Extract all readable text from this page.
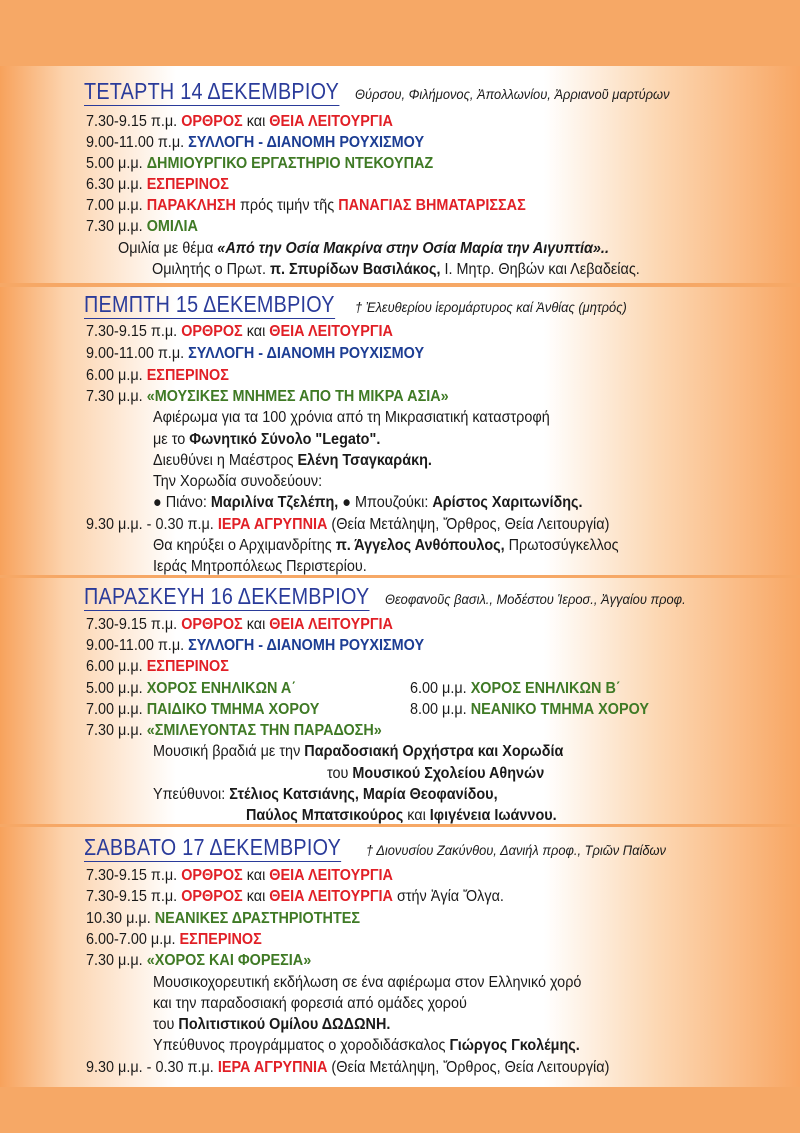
ΤΕΤΑΡΤΗ 14 ΔΕΚΕΜΒΡΙΟΥ	Θύρσου, Φιλήμονος, Ἀπολλωνίου, Ἀρριανοῦ μαρτύρων
7.30-9.15 π.μ. ΟΡΘΡΟΣ και ΘΕΙΑ ΛΕΙΤΟΥΡΓΙΑ
9.00-11.00 π.μ. ΣΥΛΛΟΓΗ - ΔΙΑΝΟΜΗ ΡΟΥΧΙΣΜΟΥ
5.00 μ.μ. ΔΗΜΙΟΥΡΓΙΚΟ ΕΡΓΑΣΤΗΡΙΟ ΝΤΕΚΟΥΠΑΖ
6.30 μ.μ. ΕΣΠΕΡΙΝΟΣ
7.00 μ.μ. ΠΑΡΑΚΛΗΣΗ πρός τιμήν τῆς ΠΑΝΑΓΙΑΣ ΒΗΜΑΤΑΡΙΣΣΑΣ
7.30 μ.μ. ΟΜΙΛΙΑ
Ομιλία με θέμα «Από την Οσία Μακρίνα στην Οσία Μαρία την Αιγυπτία»..
Ομιλητής ο Πρωτ. π. Σπυρίδων Βασιλάκος, Ι. Μητρ. Θηβών και Λεβαδείας.
ΠΕΜΠΤΗ 15 ΔΕΚΕΜΒΡΙΟΥ	† Ἐλευθερίου ἱερομάρτυρος καί Ἀνθίας (μητρός)
7.30-9.15 π.μ. ΟΡΘΡΟΣ και ΘΕΙΑ ΛΕΙΤΟΥΡΓΙΑ
9.00-11.00 π.μ. ΣΥΛΛΟΓΗ - ΔΙΑΝΟΜΗ ΡΟΥΧΙΣΜΟΥ
6.00 μ.μ. ΕΣΠΕΡΙΝΟΣ
7.30 μ.μ. «ΜΟΥΣΙΚΕΣ ΜΝΗΜΕΣ ΑΠΟ ΤΗ ΜΙΚΡΑ ΑΣΙΑ»
Αφιέρωμα για τα 100 χρόνια από τη Μικρασιατική καταστροφή
με το Φωνητικό Σύνολο "Legato".
Διευθύνει η Μαέστρος Ελένη Τσαγκαράκη.
Την Χορωδία συνοδεύουν:
● Πιάνο: Μαριλίνα Τζελέπη, ● Μπουζούκι: Αρίστος Χαριτωνίδης.
9.30 μ.μ. - 0.30 π.μ. ΙΕΡΑ ΑΓΡΥΠΝΙΑ (Θεία Μετάληψη, Ὄρθρος, Θεία Λειτουργία)
Θα κηρύξει ο Αρχιμανδρίτης π. Άγγελος Ανθόπουλος, Πρωτοσύγκελλος
Ιεράς Μητροπόλεως Περιστερίου.
ΠΑΡΑΣΚΕΥΗ 16 ΔΕΚΕΜΒΡΙΟΥ	Θεοφανοῦς βασιλ., Μοδέστου Ἱεροσ., Ἀγγαίου προφ.
7.30-9.15 π.μ. ΟΡΘΡΟΣ και ΘΕΙΑ ΛΕΙΤΟΥΡΓΙΑ
9.00-11.00 π.μ. ΣΥΛΛΟΓΗ - ΔΙΑΝΟΜΗ ΡΟΥΧΙΣΜΟΥ
6.00 μ.μ. ΕΣΠΕΡΙΝΟΣ
5.00 μ.μ. ΧΟΡΟΣ ΕΝΗΛΙΚΩΝ Α΄	6.00 μ.μ. ΧΟΡΟΣ ΕΝΗΛΙΚΩΝ Β΄
7.00 μ.μ. ΠΑΙΔΙΚΟ ΤΜΗΜΑ ΧΟΡΟΥ	8.00 μ.μ. ΝΕΑΝΙΚΟ ΤΜΗΜΑ ΧΟΡΟΥ
7.30 μ.μ. «ΣΜΙΛΕΥΟΝΤΑΣ ΤΗΝ ΠΑΡΑΔΟΣΗ»
Μουσική βραδιά με την Παραδοσιακή Ορχήστρα και Χορωδία
του Μουσικού Σχολείου Αθηνών
Υπεύθυνοι: Στέλιος Κατσιάνης, Μαρία Θεοφανίδου,
Παύλος Μπατσικούρος και Ιφιγένεια Ιωάννου.
ΣΑΒΒΑΤΟ 17 ΔΕΚΕΜΒΡΙΟΥ	† Διονυσίου Ζακύνθου, Δανιήλ προφ., Τριῶν Παίδων
7.30-9.15 π.μ. ΟΡΘΡΟΣ και ΘΕΙΑ ΛΕΙΤΟΥΡΓΙΑ
7.30-9.15 π.μ. ΟΡΘΡΟΣ και ΘΕΙΑ ΛΕΙΤΟΥΡΓΙΑ στήν Ἁγία Ὄλγα.
10.30 μ.μ. ΝΕΑΝΙΚΕΣ ΔΡΑΣΤΗΡΙΟΤΗΤΕΣ
6.00-7.00 μ.μ. ΕΣΠΕΡΙΝΟΣ
7.30 μ.μ. «ΧΟΡΟΣ ΚΑΙ ΦΟΡΕΣΙΑ»
Μουσικοχορευτική εκδήλωση σε ένα αφιέρωμα στον Ελληνικό χορό
και την παραδοσιακή φορεσιά από ομάδες χορού
του Πολιτιστικού Ομίλου ΔΩΔΩΝΗ.
Υπεύθυνος προγράμματος ο χοροδιδάσκαλος Γιώργος Γκολέμης.
9.30 μ.μ. - 0.30 π.μ. ΙΕΡΑ ΑΓΡΥΠΝΙΑ (Θεία Μετάληψη, Ὄρθρος, Θεία Λειτουργία)
